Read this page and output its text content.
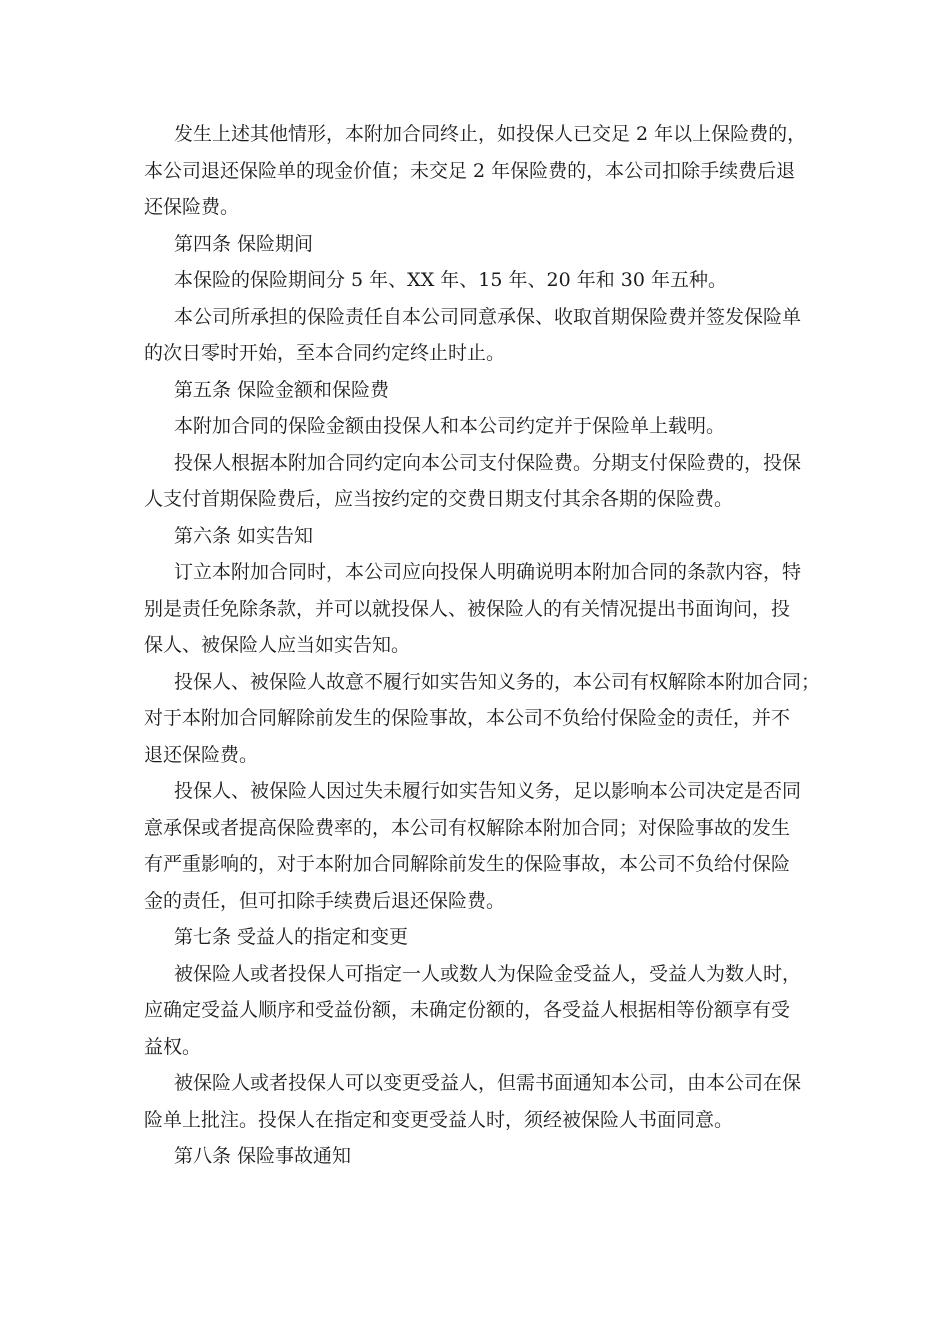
发生上述其他情形，本附加合同终止，如投保人已交足 2 年以上保险费的，
本公司退还保险单的现金价值；未交足 2 年保险费的，本公司扣除手续费后退
还保险费。
第四条 保险期间
本保险的保险期间分 5 年、XX 年、15 年、20 年和 30 年五种。
本公司所承担的保险责任自本公司同意承保、收取首期保险费并签发保险单
的次日零时开始，至本合同约定终止时止。
第五条 保险金额和保险费
本附加合同的保险金额由投保人和本公司约定并于保险单上载明。
投保人根据本附加合同约定向本公司支付保险费。分期支付保险费的，投保
人支付首期保险费后，应当按约定的交费日期支付其余各期的保险费。
第六条 如实告知
订立本附加合同时，本公司应向投保人明确说明本附加合同的条款内容，特
别是责任免除条款，并可以就投保人、被保险人的有关情况提出书面询问，投
保人、被保险人应当如实告知。
投保人、被保险人故意不履行如实告知义务的，本公司有权解除本附加合同；
对于本附加合同解除前发生的保险事故，本公司不负给付保险金的责任，并不
退还保险费。
投保人、被保险人因过失未履行如实告知义务，足以影响本公司决定是否同
意承保或者提高保险费率的，本公司有权解除本附加合同；对保险事故的发生
有严重影响的，对于本附加合同解除前发生的保险事故，本公司不负给付保险
金的责任，但可扣除手续费后退还保险费。
第七条 受益人的指定和变更
被保险人或者投保人可指定一人或数人为保险金受益人，受益人为数人时，
应确定受益人顺序和受益份额，未确定份额的，各受益人根据相等份额享有受
益权。
被保险人或者投保人可以变更受益人，但需书面通知本公司，由本公司在保
险单上批注。投保人在指定和变更受益人时，须经被保险人书面同意。
第八条 保险事故通知
